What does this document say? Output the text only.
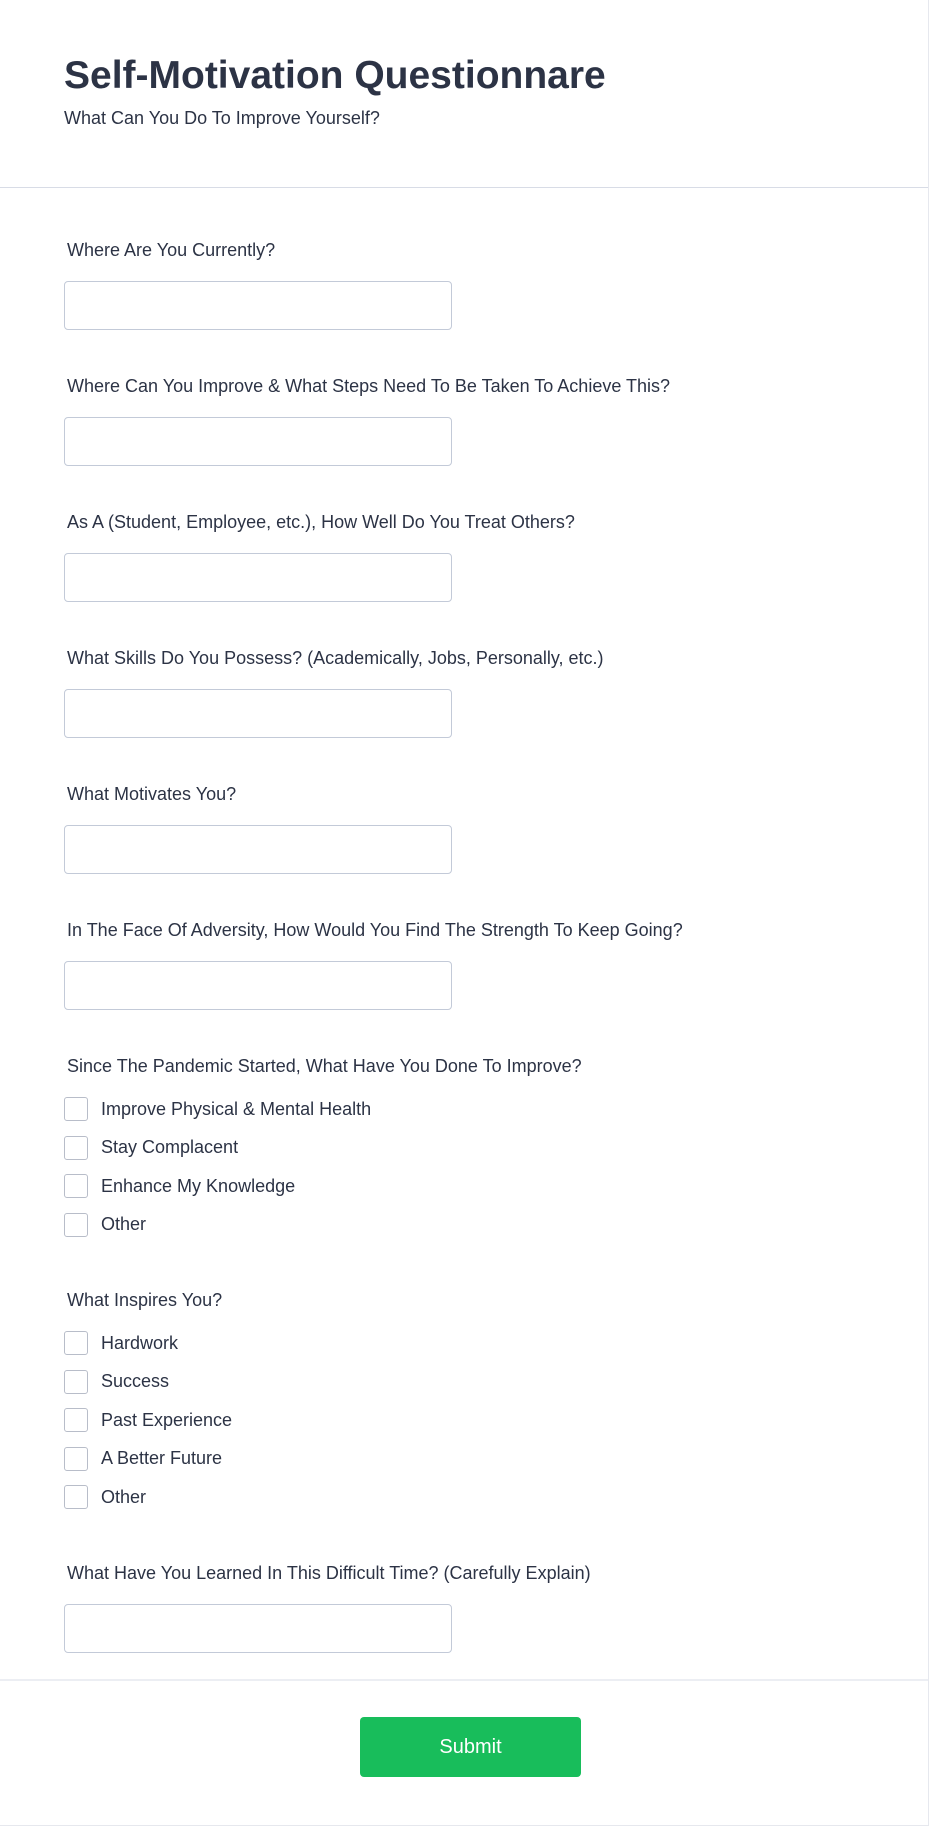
Self-Motivation Questionnare
What Can You Do To Improve Yourself?
Where Are You Currently?
Where Can You Improve & What Steps Need To Be Taken To Achieve This?
As A (Student, Employee, etc.), How Well Do You Treat Others?
What Skills Do You Possess? (Academically, Jobs, Personally, etc.)
What Motivates You?
In The Face Of Adversity, How Would You Find The Strength To Keep Going?
Since The Pandemic Started, What Have You Done To Improve?
Improve Physical & Mental Health
Stay Complacent
Enhance My Knowledge
Other
What Inspires You?
Hardwork
Success
Past Experience
A Better Future
Other
What Have You Learned In This Difficult Time? (Carefully Explain)
Submit
